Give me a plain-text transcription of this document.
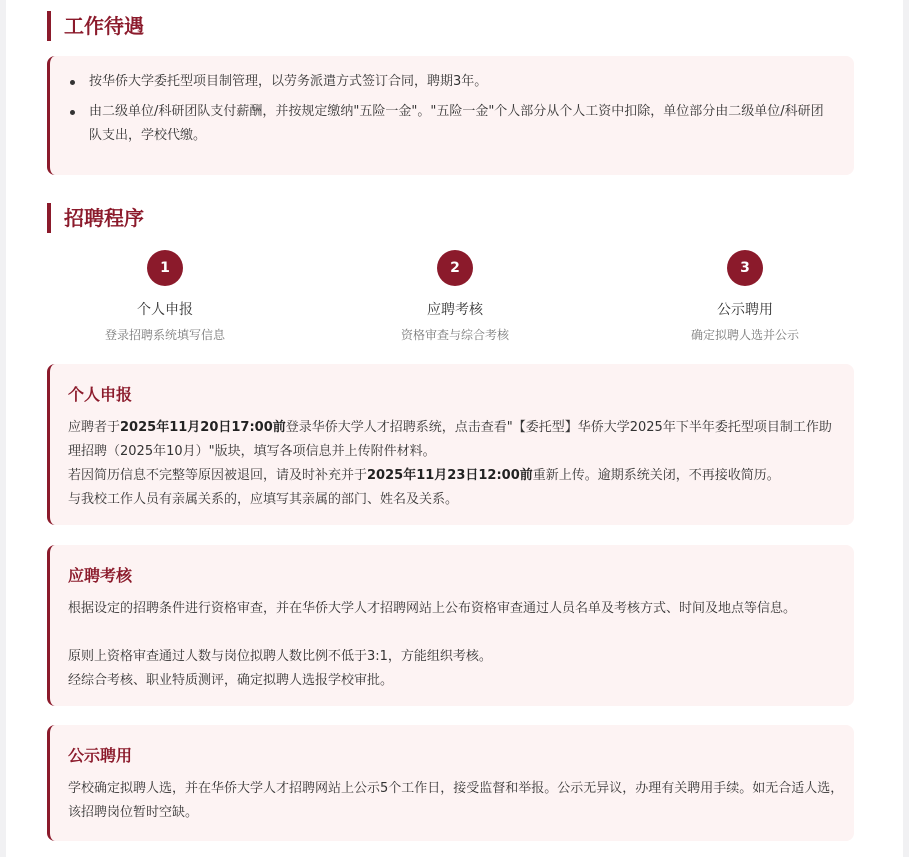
工作待遇
按华侨大学委托型项目制管理，以劳务派遣方式签订合同，聘期3年。
由二级单位/科研团队支付薪酬，并按规定缴纳"五险一金"。"五险一金"个人部分从个人工资中扣除，单位部分由二级单位/科研团队支出，学校代缴。
招聘程序
1
个人申报
登录招聘系统填写信息
2
应聘考核
资格审查与综合考核
3
公示聘用
确定拟聘人选并公示
个人申报
应聘者于2025年11月20日17:00前登录华侨大学人才招聘系统，点击查看"【委托型】华侨大学2025年下半年委托型项目制工作助理招聘（2025年10月）"版块，填写各项信息并上传附件材料。
若因简历信息不完整等原因被退回，请及时补充并于2025年11月23日12:00前重新上传。逾期系统关闭，不再接收简历。
与我校工作人员有亲属关系的，应填写其亲属的部门、姓名及关系。
应聘考核
根据设定的招聘条件进行资格审查，并在华侨大学人才招聘网站上公布资格审查通过人员名单及考核方式、时间及地点等信息。
原则上资格审查通过人数与岗位拟聘人数比例不低于3:1，方能组织考核。
经综合考核、职业特质测评，确定拟聘人选报学校审批。
公示聘用
学校确定拟聘人选，并在华侨大学人才招聘网站上公示5个工作日，接受监督和举报。公示无异议，办理有关聘用手续。如无合适人选，该招聘岗位暂时空缺。
